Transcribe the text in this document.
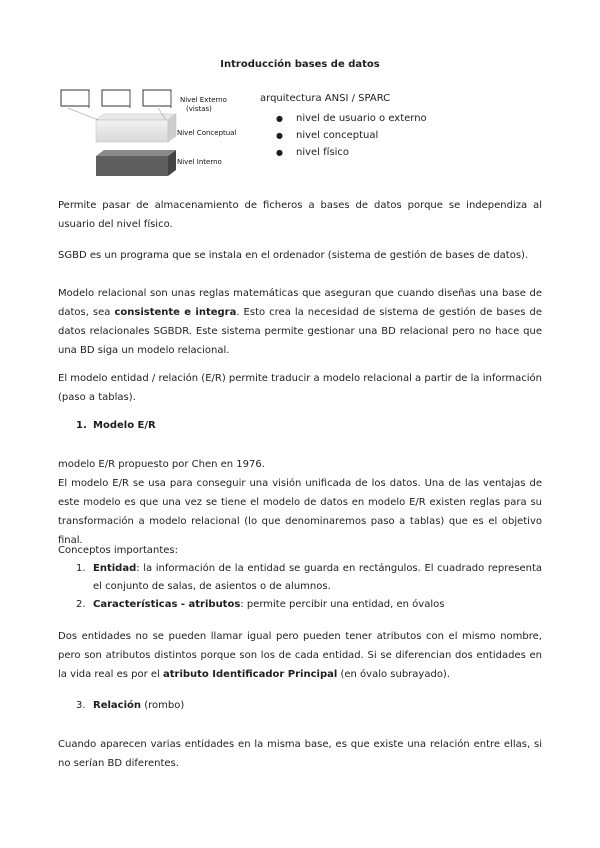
Introducción bases de datos
Nivel Externo
(vistas)
Nivel Conceptual
Nivel Interno
arquitectura ANSI / SPARC
● nivel de usuario o externo
● nivel conceptual
● nivel físico

Permite pasar de almacenamiento de ficheros a bases de datos porque se independiza al usuario del nivel físico.

SGBD es un programa que se instala en el ordenador (sistema de gestión de bases de datos).

Modelo relacional son unas reglas matemáticas que aseguran que cuando diseñas una base de datos, sea consistente e integra. Esto crea la necesidad de sistema de gestión de bases de datos relacionales SGBDR. Este sistema permite gestionar una BD relacional pero no hace que una BD siga un modelo relacional.

El modelo entidad / relación (E/R) permite traducir a modelo relacional a partir de la información (paso a tablas).

1. Modelo E/R

modelo E/R propuesto por Chen en 1976.
El modelo E/R se usa para conseguir una visión unificada de los datos. Una de las ventajas de este modelo es que una vez se tiene el modelo de datos en modelo E/R existen reglas para su transformación a modelo relacional (lo que denominaremos paso a tablas) que es el objetivo final.

Conceptos importantes:

1. Entidad: la información de la entidad se guarda en rectángulos. El cuadrado representa el conjunto de salas, de asientos o de alumnos.
2. Características - atributos: permite percibir una entidad, en óvalos

Dos entidades no se pueden llamar igual pero pueden tener atributos con el mismo nombre, pero son atributos distintos porque son los de cada entidad. Si se diferencian dos entidades en la vida real es por el atributo Identificador Principal (en óvalo subrayado).

3. Relación (rombo)

Cuando aparecen varias entidades en la misma base, es que existe una relación entre ellas, si no serían BD diferentes.
